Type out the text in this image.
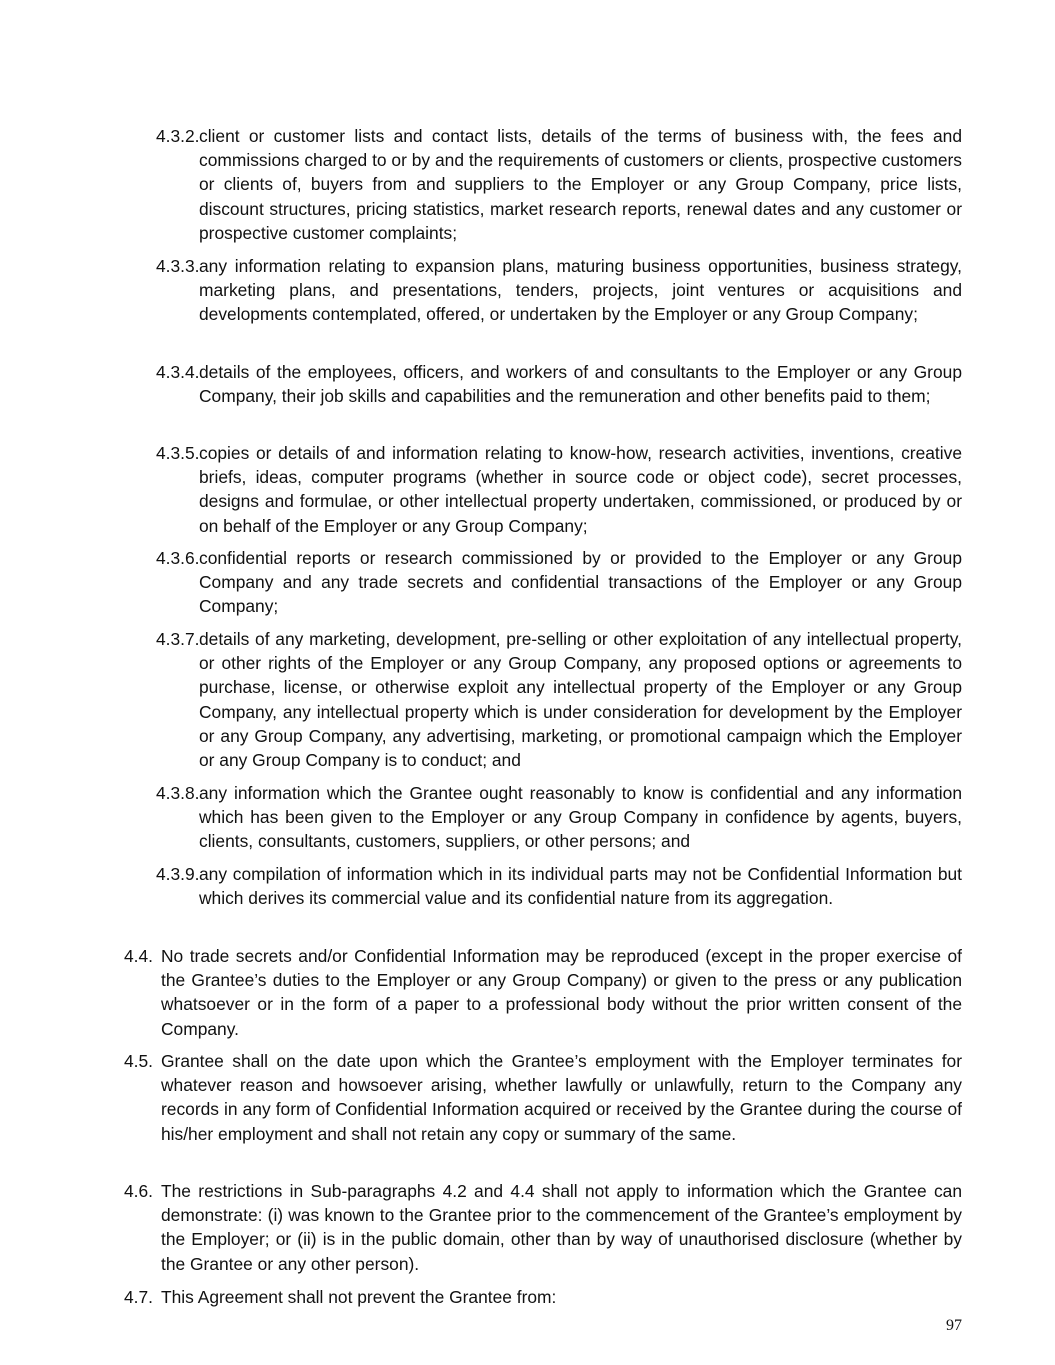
4.3.2. client or customer lists and contact lists, details of the terms of business with, the fees and commissions charged to or by and the requirements of customers or clients, prospective customers or clients of, buyers from and suppliers to the Employer or any Group Company, price lists, discount structures, pricing statistics, market research reports, renewal dates and any customer or prospective customer complaints;
4.3.3. any information relating to expansion plans, maturing business opportunities, business strategy, marketing plans, and presentations, tenders, projects, joint ventures or acquisitions and developments contemplated, offered, or undertaken by the Employer or any Group Company;
4.3.4. details of the employees, officers, and workers of and consultants to the Employer or any Group Company, their job skills and capabilities and the remuneration and other benefits paid to them;
4.3.5. copies or details of and information relating to know-how, research activities, inventions, creative briefs, ideas, computer programs (whether in source code or object code), secret processes, designs and formulae, or other intellectual property undertaken, commissioned, or produced by or on behalf of the Employer or any Group Company;
4.3.6. confidential reports or research commissioned by or provided to the Employer or any Group Company and any trade secrets and confidential transactions of the Employer or any Group Company;
4.3.7. details of any marketing, development, pre-selling or other exploitation of any intellectual property, or other rights of the Employer or any Group Company, any proposed options or agreements to purchase, license, or otherwise exploit any intellectual property of the Employer or any Group Company, any intellectual property which is under consideration for development by the Employer or any Group Company, any advertising, marketing, or promotional campaign which the Employer or any Group Company is to conduct; and
4.3.8. any information which the Grantee ought reasonably to know is confidential and any information which has been given to the Employer or any Group Company in confidence by agents, buyers, clients, consultants, customers, suppliers, or other persons; and
4.3.9. any compilation of information which in its individual parts may not be Confidential Information but which derives its commercial value and its confidential nature from its aggregation.
4.4. No trade secrets and/or Confidential Information may be reproduced (except in the proper exercise of the Grantee’s duties to the Employer or any Group Company) or given to the press or any publication whatsoever or in the form of a paper to a professional body without the prior written consent of the Company.
4.5. Grantee shall on the date upon which the Grantee’s employment with the Employer terminates for whatever reason and howsoever arising, whether lawfully or unlawfully, return to the Company any records in any form of Confidential Information acquired or received by the Grantee during the course of his/her employment and shall not retain any copy or summary of the same.
4.6. The restrictions in Sub-paragraphs 4.2 and 4.4 shall not apply to information which the Grantee can demonstrate: (i) was known to the Grantee prior to the commencement of the Grantee’s employment by the Employer; or (ii) is in the public domain, other than by way of unauthorised disclosure (whether by the Grantee or any other person).
4.7. This Agreement shall not prevent the Grantee from:
97
